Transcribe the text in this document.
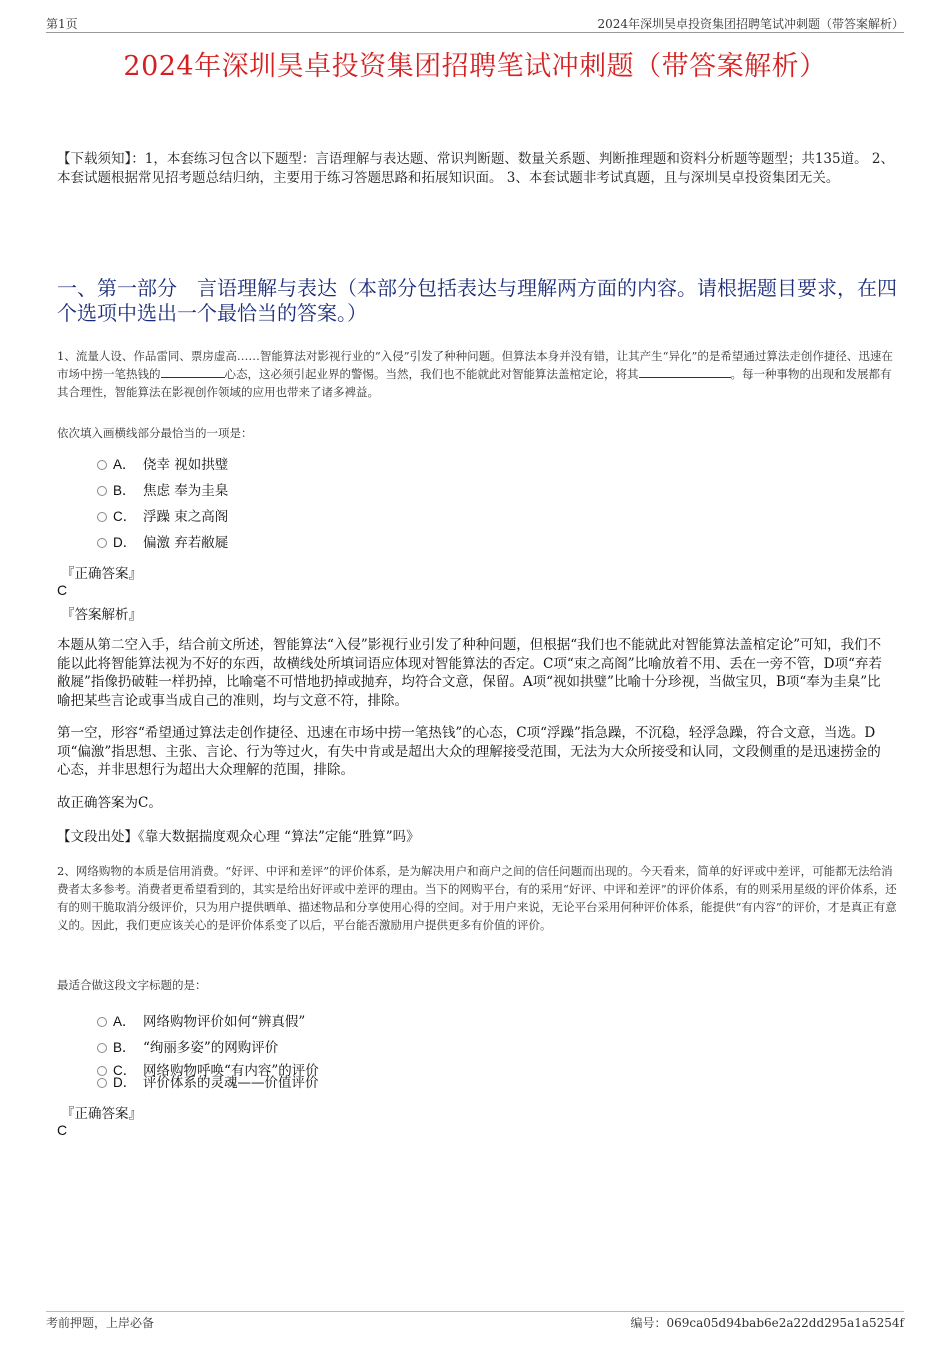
第1页	2024年深圳昊卓投资集团招聘笔试冲刺题（带答案解析）
2024年深圳昊卓投资集团招聘笔试冲刺题（带答案解析）
【下载须知】：1，本套练习包含以下题型：言语理解与表达题、常识判断题、数量关系题、判断推理题和资料分析题等题型；共135道。 2、本套试题根据常见招考题总结归纳，主要用于练习答题思路和拓展知识面。 3、本套试题非考试真题，且与深圳昊卓投资集团无关。
一、第一部分　言语理解与表达（本部分包括表达与理解两方面的内容。请根据题目要求，在四个选项中选出一个最恰当的答案。）
1、流量人设、作品雷同、票房虚高……智能算法对影视行业的“入侵”引发了种种问题。但算法本身并没有错，让其产生“异化”的是希望通过算法走创作捷径、迅速在市场中捞一笔热钱的	心态，这必须引起业界的警惕。当然，我们也不能就此对智能算法盖棺定论，将其	。每一种事物的出现和发展都有其合理性，智能算法在影视创作领域的应用也带来了诸多裨益。
依次填入画横线部分最恰当的一项是：
A． 侥幸 视如拱璧
B． 焦虑 奉为圭臬
C． 浮躁 束之高阁
D． 偏激 弃若敝屣
『正确答案』
C
『答案解析』
本题从第二空入手，结合前文所述，智能算法“入侵”影视行业引发了种种问题，但根据“我们也不能就此对智能算法盖棺定论”可知，我们不能以此将智能算法视为不好的东西，故横线处所填词语应体现对智能算法的否定。C项“束之高阁”比喻放着不用、丢在一旁不管，D项“弃若敝屣”指像扔破鞋一样扔掉，比喻毫不可惜地扔掉或抛弃，均符合文意，保留。A项“视如拱璧”比喻十分珍视，当做宝贝，B项“奉为圭臬”比喻把某些言论或事当成自己的准则，均与文意不符，排除。
第一空，形容“希望通过算法走创作捷径、迅速在市场中捞一笔热钱”的心态，C项“浮躁”指急躁，不沉稳，轻浮急躁，符合文意，当选。D项“偏激”指思想、主张、言论、行为等过火，有失中肯或是超出大众的理解接受范围，无法为大众所接受和认同，文段侧重的是迅速捞金的心态，并非思想行为超出大众理解的范围，排除。
故正确答案为C。
【文段出处】《靠大数据揣度观众心理 “算法”定能“胜算”吗》
2、网络购物的本质是信用消费。“好评、中评和差评”的评价体系，是为解决用户和商户之间的信任问题而出现的。今天看来，简单的好评或中差评，可能都无法给消费者太多参考。消费者更希望看到的，其实是给出好评或中差评的理由。当下的网购平台，有的采用“好评、中评和差评”的评价体系，有的则采用星级的评价体系，还有的则干脆取消分级评价，只为用户提供晒单、描述物品和分享使用心得的空间。对于用户来说，无论平台采用何种评价体系，能提供“有内容”的评价，才是真正有意义的。因此，我们更应该关心的是评价体系变了以后，平台能否激励用户提供更多有价值的评价。
最适合做这段文字标题的是：
A． 网络购物评价如何“辨真假”
B． “绚丽多姿”的网购评价
C． 网络购物呼唤“有内容”的评价
D． 评价体系的灵魂——价值评价
『正确答案』
C
考前押题，上岸必备	编号：069ca05d94bab6e2a22dd295a1a5254f
